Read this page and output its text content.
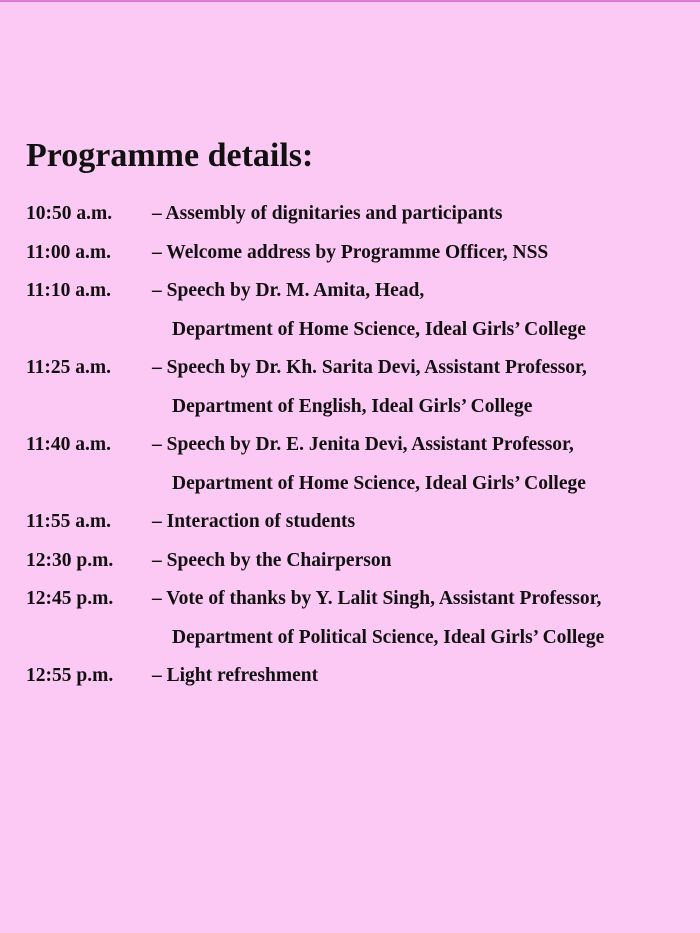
Programme details:
10:50 a.m.	– Assembly of dignitaries and participants
11:00 a.m.	– Welcome address by Programme Officer, NSS
11:10 a.m.	– Speech by Dr. M. Amita, Head,
Department of Home Science, Ideal Girls’ College
11:25 a.m.	– Speech by Dr. Kh. Sarita Devi, Assistant Professor,
Department of English, Ideal Girls’ College
11:40 a.m.	– Speech by Dr. E. Jenita Devi, Assistant Professor,
Department of Home Science, Ideal Girls’ College
11:55 a.m.	– Interaction of students
12:30 p.m.	– Speech by the Chairperson
12:45 p.m.	– Vote of thanks by Y. Lalit Singh, Assistant Professor,
Department of Political Science, Ideal Girls’ College
12:55 p.m.	– Light refreshment
